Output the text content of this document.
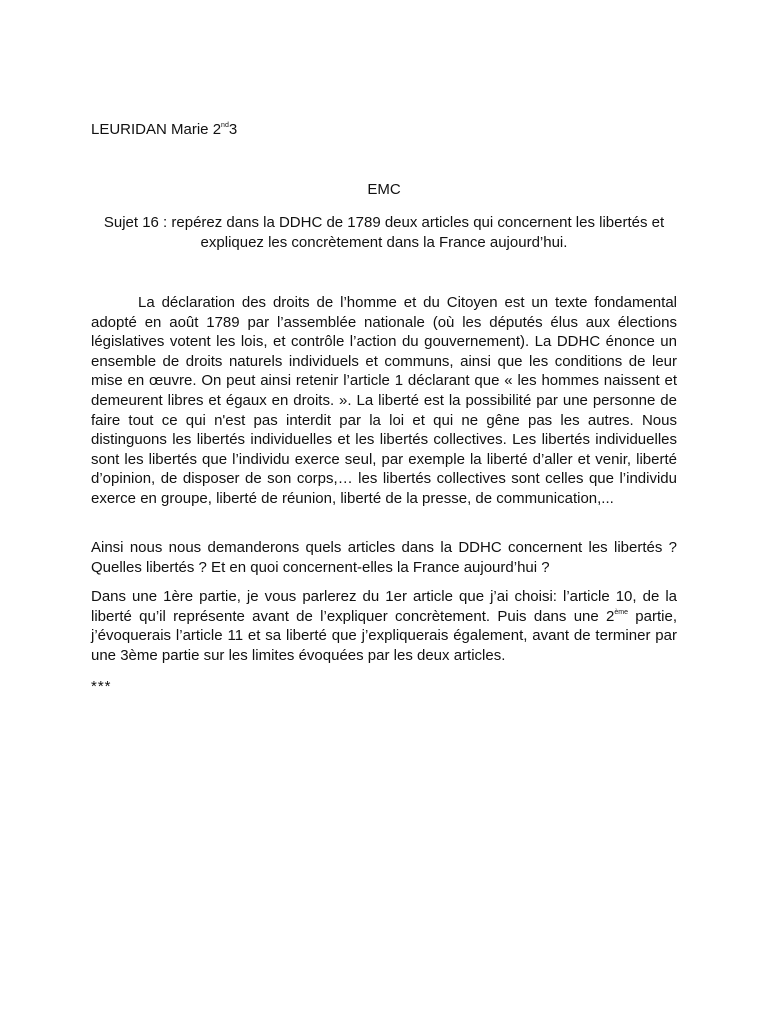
LEURIDAN Marie 2nd3
EMC
Sujet 16 : repérez dans la DDHC de 1789 deux articles qui concernent les libertés et expliquez les concrètement dans la France aujourd’hui.
La déclaration des droits de l’homme et du Citoyen est un texte fondamental adopté en août 1789 par l’assemblée nationale (où les députés élus aux élections législatives votent les lois, et contrôle l’action du gouvernement). La DDHC énonce un ensemble de droits naturels individuels et communs, ainsi que les conditions de leur mise en œuvre. On peut ainsi retenir l’article 1 déclarant que « les hommes naissent et demeurent libres et égaux en droits. ». La liberté est la possibilité par une personne de faire tout ce qui n'est pas interdit par la loi et qui ne gêne pas les autres. Nous distinguons les libertés individuelles et les libertés collectives. Les libertés individuelles sont les libertés que l’individu exerce seul, par exemple la liberté d’aller et venir, liberté d’opinion, de disposer de son corps,… les libertés collectives sont celles que l’individu exerce en groupe, liberté de réunion, liberté de la presse, de communication,...
Ainsi nous nous demanderons quels articles dans la DDHC concernent les libertés ? Quelles libertés ? Et en quoi concernent-elles la France aujourd’hui ?
Dans une 1ère partie, je vous parlerez du 1er article que j’ai choisi: l’article 10, de la liberté qu’il représente avant de l’expliquer concrètement. Puis dans une 2ème partie, j’évoquerais l’article 11 et sa liberté que j’expliquerais également, avant de terminer par une 3ème partie sur les limites évoquées par les deux articles.
***
